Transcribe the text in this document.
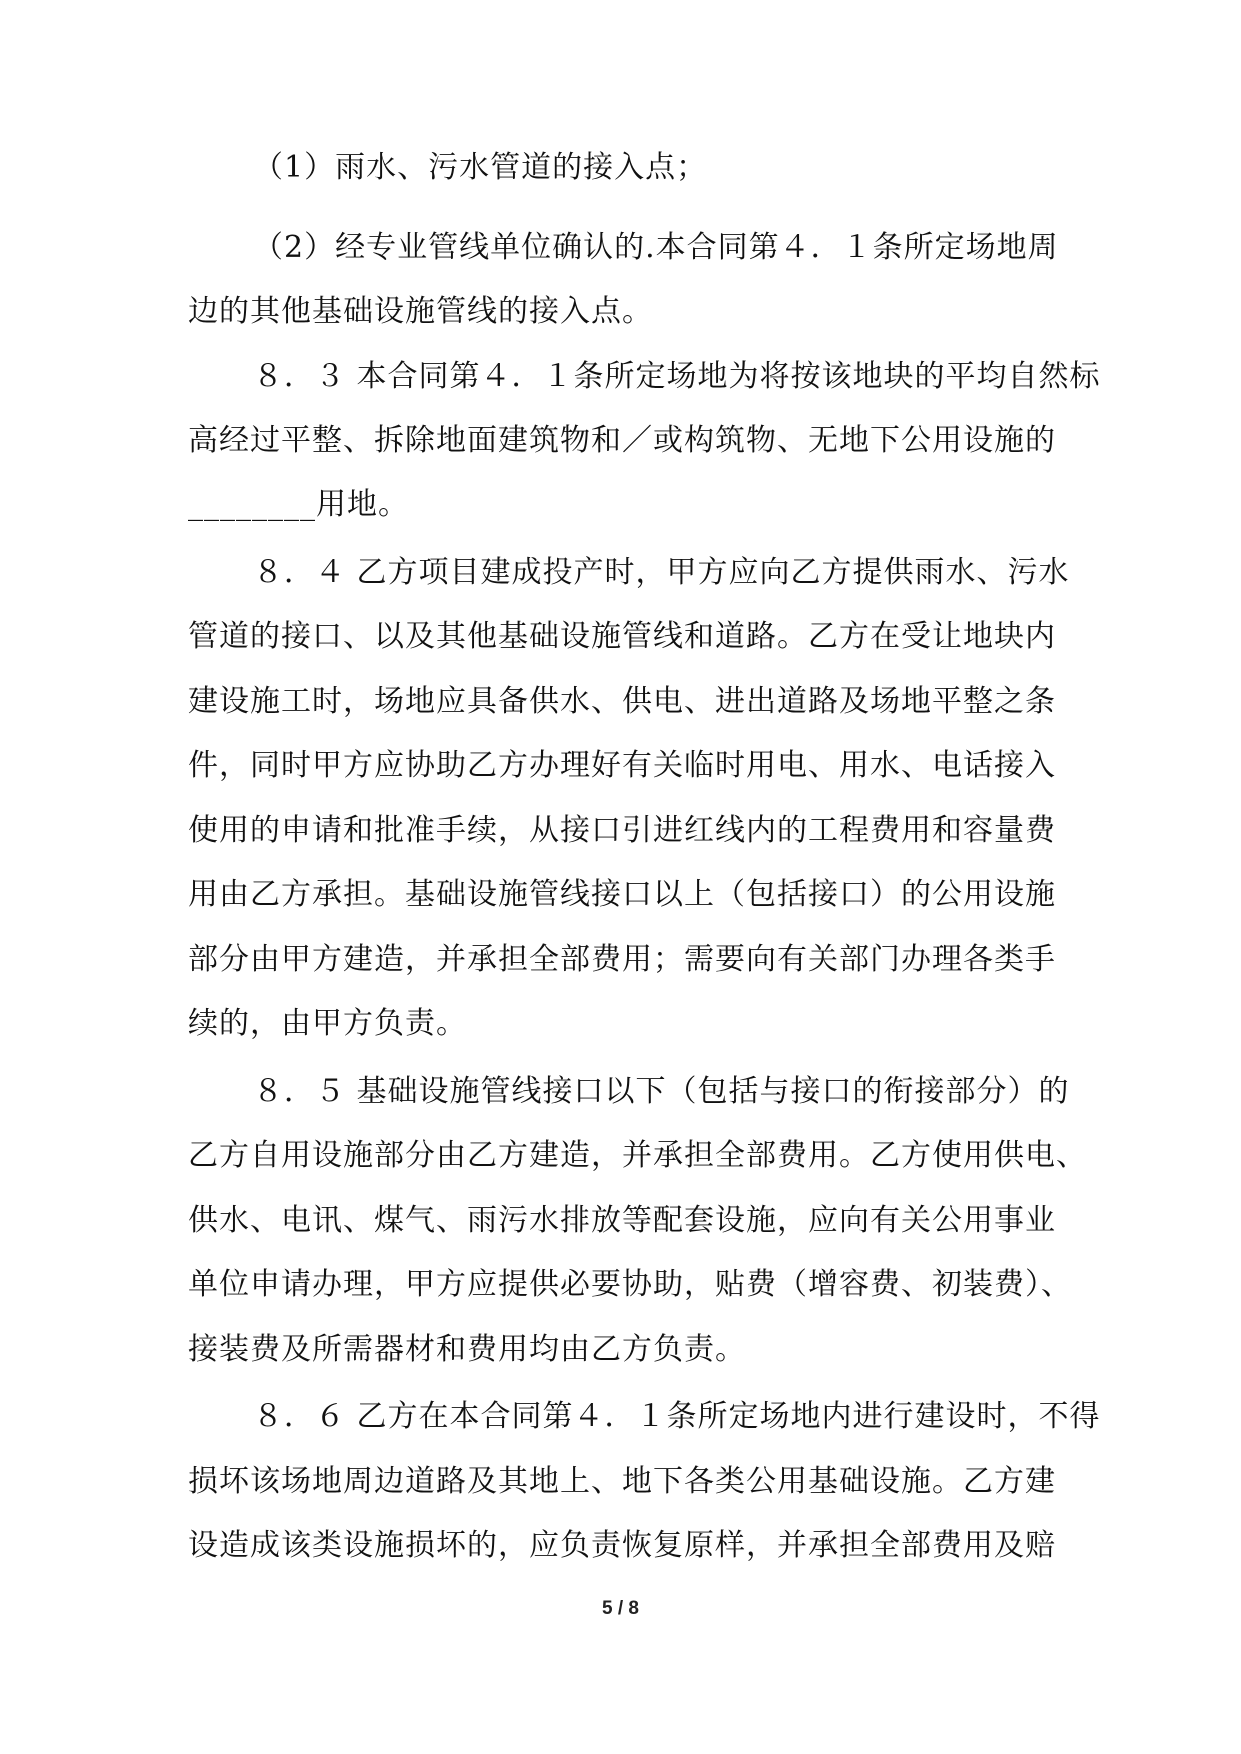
（1）雨水、污水管道的接入点；
（2）经专业管线单位确认的.本合同第４．１条所定场地周
边的其他基础设施管线的接入点。
８．３ 本合同第４．１条所定场地为将按该地块的平均自然标
高经过平整、拆除地面建筑物和／或构筑物、无地下公用设施的
________用地。
８．４ 乙方项目建成投产时，甲方应向乙方提供雨水、污水
管道的接口、以及其他基础设施管线和道路。乙方在受让地块内
建设施工时，场地应具备供水、供电、进出道路及场地平整之条
件，同时甲方应协助乙方办理好有关临时用电、用水、电话接入
使用的申请和批准手续，从接口引进红线内的工程费用和容量费
用由乙方承担。基础设施管线接口以上（包括接口）的公用设施
部分由甲方建造，并承担全部费用；需要向有关部门办理各类手
续的，由甲方负责。
８．５ 基础设施管线接口以下（包括与接口的衔接部分）的
乙方自用设施部分由乙方建造，并承担全部费用。乙方使用供电、
供水、电讯、煤气、雨污水排放等配套设施，应向有关公用事业
单位申请办理，甲方应提供必要协助，贴费（增容费、初装费）、
接装费及所需器材和费用均由乙方负责。
８．６ 乙方在本合同第４．１条所定场地内进行建设时，不得
损坏该场地周边道路及其地上、地下各类公用基础设施。乙方建
设造成该类设施损坏的，应负责恢复原样，并承担全部费用及赔
5 / 8
